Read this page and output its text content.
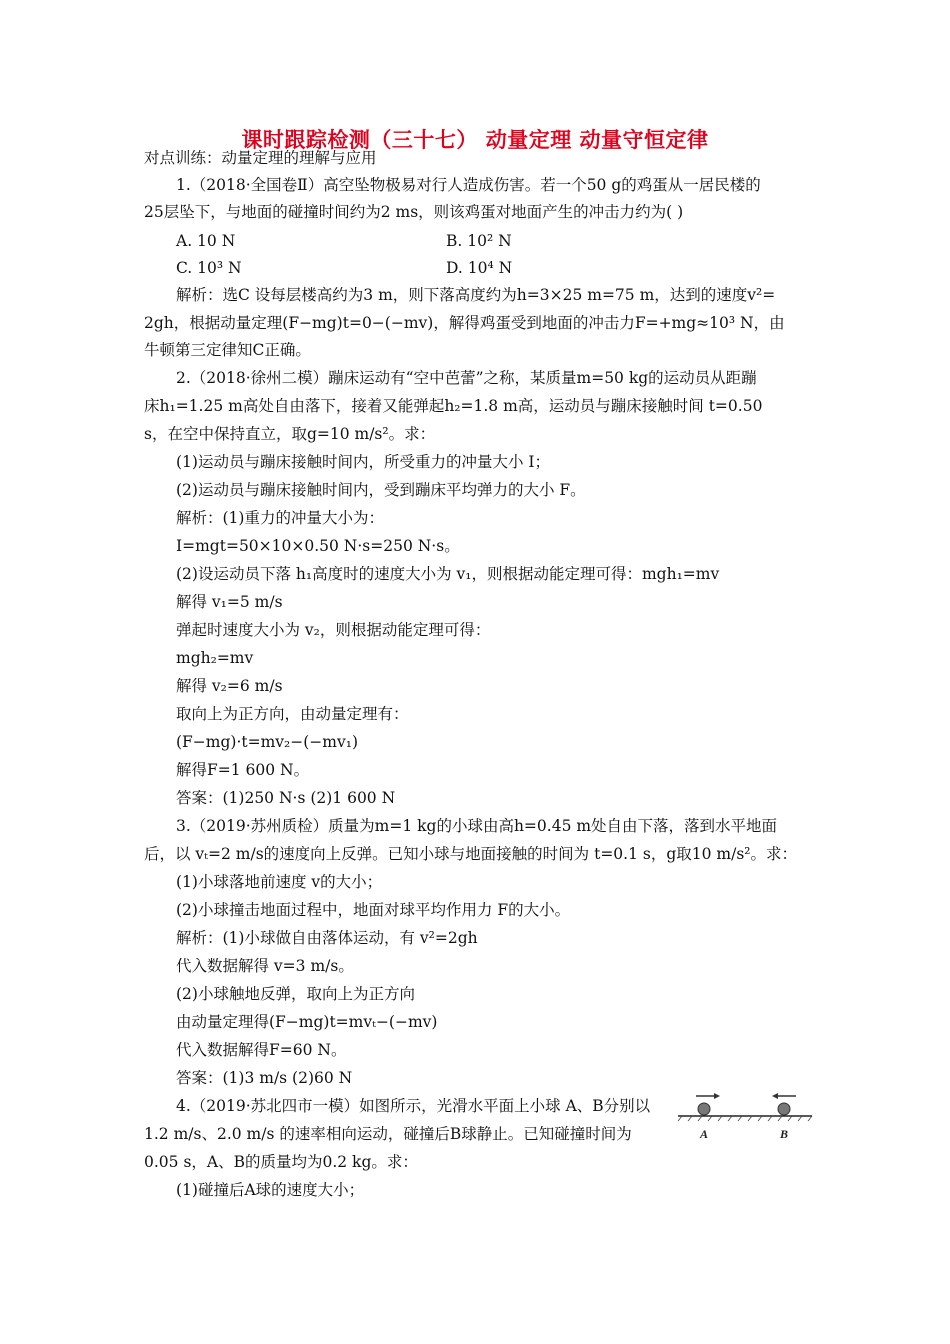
课时跟踪检测（三十七） 动量定理 动量守恒定律
对点训练：动量定理的理解与应用
1.（2018·全国卷Ⅱ）高空坠物极易对行人造成伤害。若一个50 g的鸡蛋从一居民楼的
25层坠下，与地面的碰撞时间约为2 ms，则该鸡蛋对地面产生的冲击力约为( )
A. 10 N	B. 10² N
C. 10³ N	D. 10⁴ N
解析：选C 设每层楼高约为3 m，则下落高度约为h=3×25 m=75 m，达到的速度v²=
2gh，根据动量定理(F−mg)t=0−(−mv)，解得鸡蛋受到地面的冲击力F=+mg≈10³ N，由
牛顿第三定律知C正确。
2.（2018·徐州二模）蹦床运动有“空中芭蕾”之称，某质量m=50 kg的运动员从距蹦
床h₁=1.25 m高处自由落下，接着又能弹起h₂=1.8 m高，运动员与蹦床接触时间 t=0.50
s，在空中保持直立，取g=10 m/s²。求：
(1)运动员与蹦床接触时间内，所受重力的冲量大小 I；
(2)运动员与蹦床接触时间内，受到蹦床平均弹力的大小 F。
解析：(1)重力的冲量大小为：
I=mgt=50×10×0.50 N·s=250 N·s。
(2)设运动员下落 h₁高度时的速度大小为 v₁，则根据动能定理可得：mgh₁=mv
解得 v₁=5 m/s
弹起时速度大小为 v₂，则根据动能定理可得：
mgh₂=mv
解得 v₂=6 m/s
取向上为正方向，由动量定理有：
(F−mg)·t=mv₂−(−mv₁)
解得F=1 600 N。
答案：(1)250 N·s (2)1 600 N
3.（2019·苏州质检）质量为m=1 kg的小球由高h=0.45 m处自由下落，落到水平地面
后，以 vₜ=2 m/s的速度向上反弹。已知小球与地面接触的时间为 t=0.1 s，g取10 m/s²。求：
(1)小球落地前速度 v的大小；
(2)小球撞击地面过程中，地面对球平均作用力 F的大小。
解析：(1)小球做自由落体运动，有 v²=2gh
代入数据解得 v=3 m/s。
(2)小球触地反弹，取向上为正方向
由动量定理得(F−mg)t=mvₜ−(−mv)
代入数据解得F=60 N。
答案：(1)3 m/s (2)60 N
4.（2019·苏北四市一模）如图所示，光滑水平面上小球 A、B分别以
1.2 m/s、2.0 m/s 的速率相向运动，碰撞后B球静止。已知碰撞时间为
0.05 s，A、B的质量均为0.2 kg。求：
(1)碰撞后A球的速度大小；
A	B
